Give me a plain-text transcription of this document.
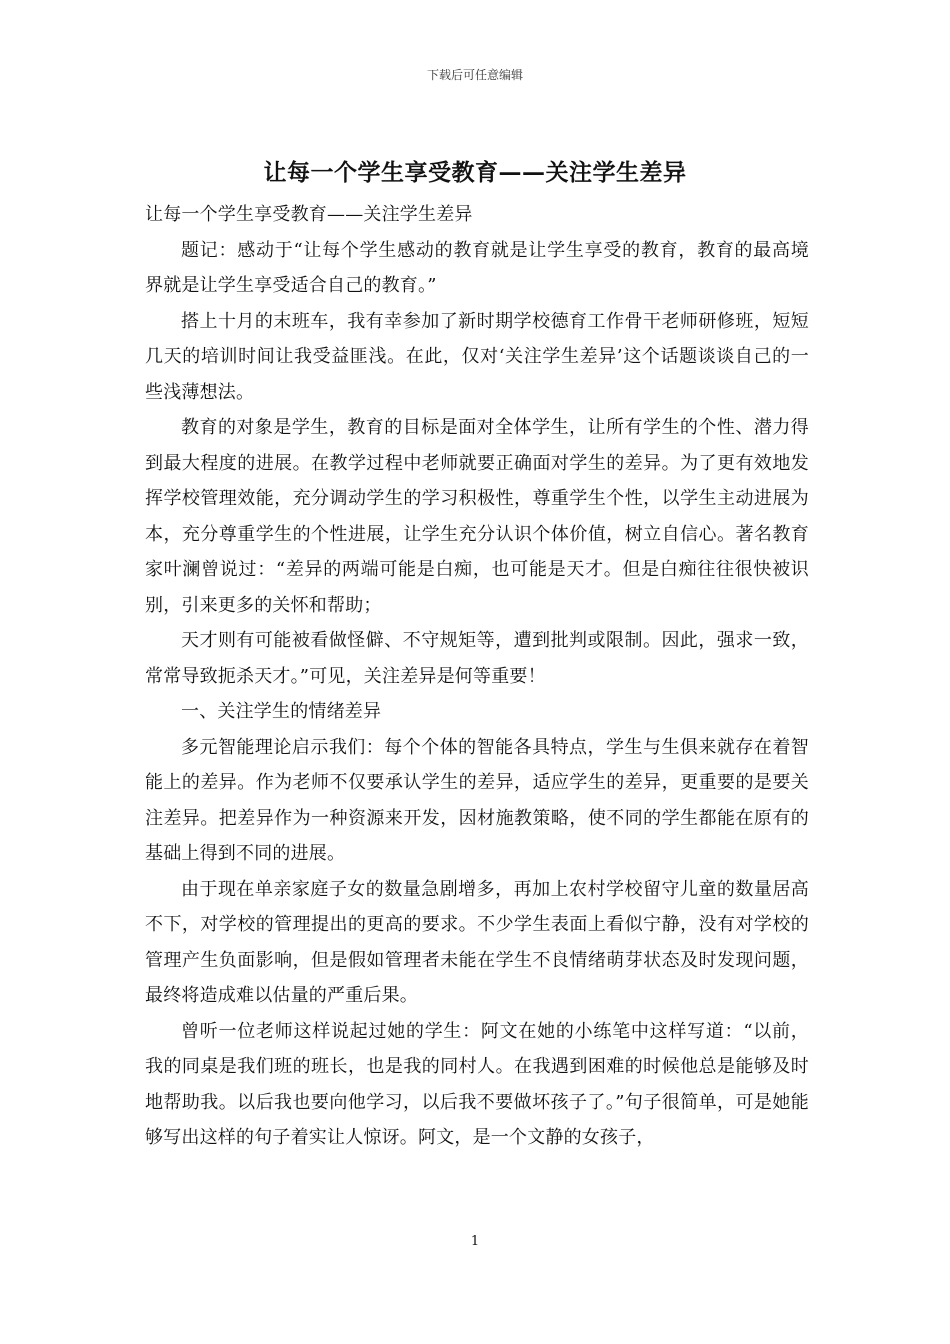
下载后可任意编辑
让每一个学生享受教育——关注学生差异

让每一个学生享受教育——关注学生差异

题记：感动于“让每个学生感动的教育就是让学生享受的教育，教育的最高境界就是让学生享受适合自己的教育。”

搭上十月的末班车，我有幸参加了新时期学校德育工作骨干老师研修班，短短几天的培训时间让我受益匪浅。在此，仅对‘关注学生差异’这个话题谈谈自己的一些浅薄想法。

教育的对象是学生，教育的目标是面对全体学生，让所有学生的个性、潜力得到最大程度的进展。在教学过程中老师就要正确面对学生的差异。为了更有效地发挥学校管理效能，充分调动学生的学习积极性，尊重学生个性，以学生主动进展为本，充分尊重学生的个性进展，让学生充分认识个体价值，树立自信心。著名教育家叶澜曾说过：“差异的两端可能是白痴，也可能是天才。但是白痴往往很快被识别，引来更多的关怀和帮助；

天才则有可能被看做怪僻、不守规矩等，遭到批判或限制。因此，强求一致，常常导致扼杀天才。”可见，关注差异是何等重要！

一、关注学生的情绪差异

多元智能理论启示我们：每个个体的智能各具特点，学生与生俱来就存在着智能上的差异。作为老师不仅要承认学生的差异，适应学生的差异，更重要的是要关注差异。把差异作为一种资源来开发，因材施教策略，使不同的学生都能在原有的基础上得到不同的进展。

由于现在单亲家庭子女的数量急剧增多，再加上农村学校留守儿童的数量居高不下，对学校的管理提出的更高的要求。不少学生表面上看似宁静，没有对学校的管理产生负面影响，但是假如管理者未能在学生不良情绪萌芽状态及时发现问题，最终将造成难以估量的严重后果。

曾听一位老师这样说起过她的学生：阿文在她的小练笔中这样写道：“以前，我的同桌是我们班的班长，也是我的同村人。在我遇到困难的时候他总是能够及时地帮助我。以后我也要向他学习，以后我不要做坏孩子了。”句子很简单，可是她能够写出这样的句子着实让人惊讶。阿文，是一个文静的女孩子，

1
